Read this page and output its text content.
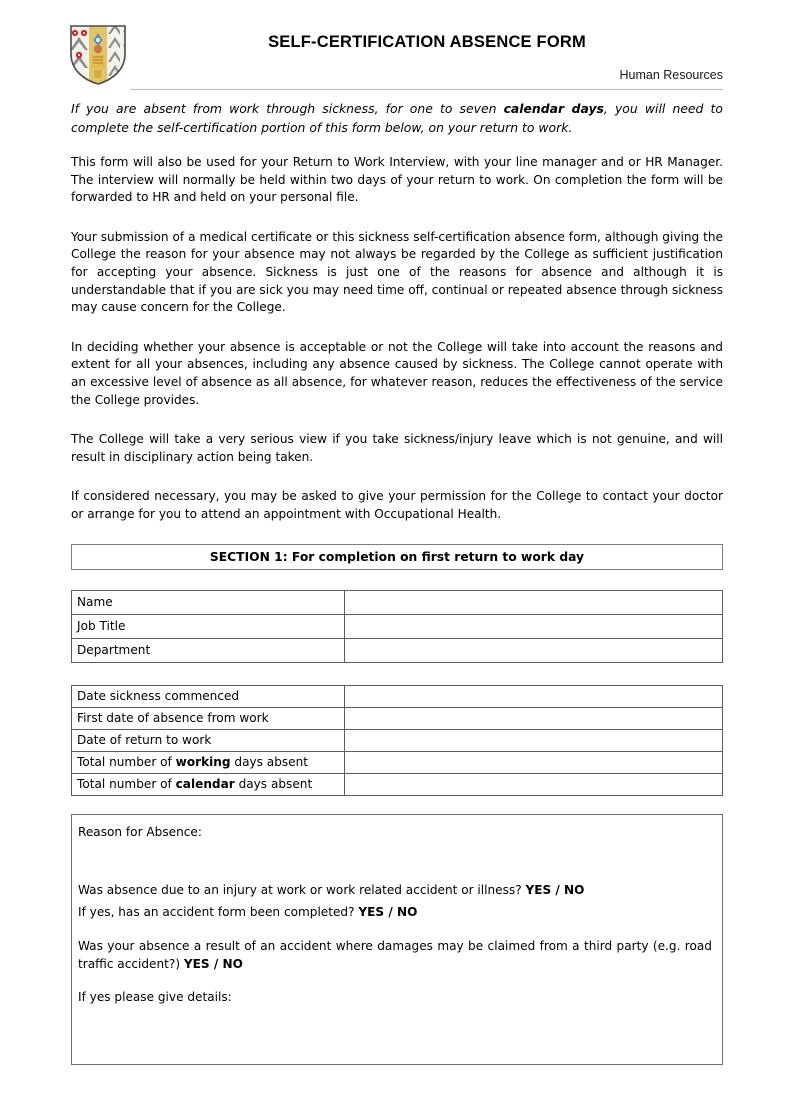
SELF-CERTIFICATION ABSENCE FORM
Human Resources

If you are absent from work through sickness, for one to seven calendar days, you will need to complete the self-certification portion of this form below, on your return to work.

This form will also be used for your Return to Work Interview, with your line manager and or HR Manager. The interview will normally be held within two days of your return to work. On completion the form will be forwarded to HR and held on your personal file.

Your submission of a medical certificate or this sickness self-certification absence form, although giving the College the reason for your absence may not always be regarded by the College as sufficient justification for accepting your absence. Sickness is just one of the reasons for absence and although it is understandable that if you are sick you may need time off, continual or repeated absence through sickness may cause concern for the College.

In deciding whether your absence is acceptable or not the College will take into account the reasons and extent for all your absences, including any absence caused by sickness. The College cannot operate with an excessive level of absence as all absence, for whatever reason, reduces the effectiveness of the service the College provides.

The College will take a very serious view if you take sickness/injury leave which is not genuine, and will result in disciplinary action being taken.

If considered necessary, you may be asked to give your permission for the College to contact your doctor or arrange for you to attend an appointment with Occupational Health.

SECTION 1: For completion on first return to work day
Name	
Job Title	
Department	
Date sickness commenced	
First date of absence from work	
Date of return to work	
Total number of working days absent	
Total number of calendar days absent	

Reason for Absence:

Was absence due to an injury at work or work related accident or illness? YES / NO

If yes, has an accident form been completed? YES / NO

Was your absence a result of an accident where damages may be claimed from a third party (e.g. road traffic accident?) YES / NO

If yes please give details:
